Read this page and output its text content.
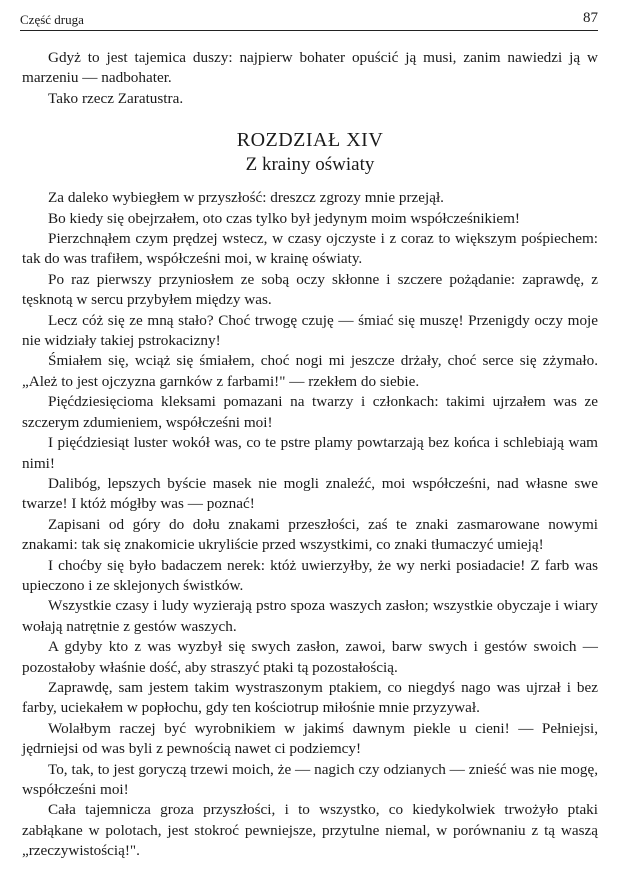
Część druga	87

Gdyż to jest tajemica duszy: najpierw bohater opuścić ją musi, zanim nawiedzi ją w marzeniu — nadbohater.

Tako rzecz Zaratustra.

ROZDZIAŁ XIV
Z krainy oświaty

Za daleko wybiegłem w przyszłość: dreszcz zgrozy mnie przejął.

Bo kiedy się obejrzałem, oto czas tylko był jedynym moim współcześnikiem!

Pierzchnąłem czym prędzej wstecz, w czasy ojczyste i z coraz to większym pośpiechem: tak do was trafiłem, współcześni moi, w krainę oświaty.

Po raz pierwszy przyniosłem ze sobą oczy skłonne i szczere pożądanie: zaprawdę, z tęsknotą w sercu przybyłem między was.

Lecz cóż się ze mną stało? Choć trwogę czuję — śmiać się muszę! Przenigdy oczy moje nie widziały takiej pstrokacizny!

Śmiałem się, wciąż się śmiałem, choć nogi mi jeszcze drżały, choć serce się zżymało. „Ależ to jest ojczyzna garnków z farbami!" — rzekłem do siebie.

Pięćdziesięcioma kleksami pomazani na twarzy i członkach: takimi ujrzałem was ze szczerym zdumieniem, współcześni moi!

I pięćdziesiąt luster wokół was, co te pstre plamy powtarzają bez końca i schlebiają wam nimi!

Dalibóg, lepszych byście masek nie mogli znaleźć, moi współcześni, nad własne swe twarze! I któż mógłby was — poznać!

Zapisani od góry do dołu znakami przeszłości, zaś te znaki zasmarowane nowymi znakami: tak się znakomicie ukryliście przed wszystkimi, co znaki tłumaczyć umieją!

I choćby się było badaczem nerek: któż uwierzyłby, że wy nerki posiadacie! Z farb was upieczono i ze sklejonych świstków.

Wszystkie czasy i ludy wyzierają pstro spoza waszych zasłon; wszystkie obyczaje i wiary wołają natrętnie z gestów waszych.

A gdyby kto z was wyzbył się swych zasłon, zawoi, barw swych i gestów swoich — pozostałoby właśnie dość, aby straszyć ptaki tą pozostałością.

Zaprawdę, sam jestem takim wystraszonym ptakiem, co niegdyś nago was ujrzał i bez farby, uciekałem w popłochu, gdy ten kościotrup miłośnie mnie przyzywał.

Wolałbym raczej być wyrobnikiem w jakimś dawnym piekle u cieni! — Pełniejsi, jędrniejsi od was byli z pewnością nawet ci podziemcy!

To, tak, to jest goryczą trzewi moich, że — nagich czy odzianych — znieść was nie mogę, współcześni moi!

Cała tajemnicza groza przyszłości, i to wszystko, co kiedykolwiek trwożyło ptaki zabłąkane w polotach, jest stokroć pewniejsze, przytulne niemal, w porównaniu z tą waszą „rzeczywistością!".
